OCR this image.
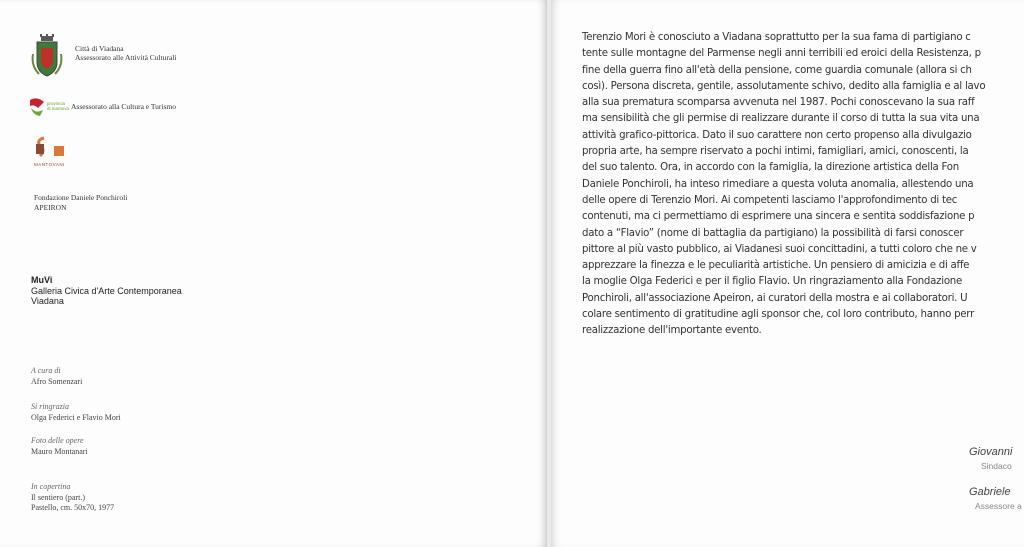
Città di Viadana
Assessorato alle Attività Culturali
provincia di mantova Assessorato alla Cultura e Turismo
MANTOVANI
Fondazione Daniele Ponchiroli
APEIRON
MuVi
Galleria Civica d'Arte Contemporanea
Viadana
A cura di
Afro Somenzari
Si ringrazia
Olga Federici e Flavio Mori
Foto delle opere
Mauro Montanari
In copertina
Il sentiero (part.)
Pastello, cm. 50x70, 1977
Terenzio Mori è conosciuto a Viadana soprattutto per la sua fama di partigiano c
tente sulle montagne del Parmense negli anni terribili ed eroici della Resistenza, p
fine della guerra fino all'età della pensione, come guardia comunale (allora si ch
così). Persona discreta, gentile, assolutamente schivo, dedito alla famiglia e al lavo
alla sua prematura scomparsa avvenuta nel 1987. Pochi conoscevano la sua raff
ma sensibilità che gli permise di realizzare durante il corso di tutta la sua vita una
attività grafico-pittorica. Dato il suo carattere non certo propenso alla divulgazio
propria arte, ha sempre riservato a pochi intimi, famigliari, amici, conoscenti, la
del suo talento. Ora, in accordo con la famiglia, la direzione artistica della Fon
Daniele Ponchiroli, ha inteso rimediare a questa voluta anomalia, allestendo una
delle opere di Terenzio Mori. Ai competenti lasciamo l'approfondimento di tec
contenuti, ma ci permettiamo di esprimere una sincera e sentita soddisfazione p
dato a “Flavio” (nome di battaglia da partigiano) la possibilità di farsi conoscer
pittore al più vasto pubblico, ai Viadanesi suoi concittadini, a tutti coloro che ne v
apprezzare la finezza e le peculiarità artistiche. Un pensiero di amicizia e di affe
la moglie Olga Federici e per il figlio Flavio. Un ringraziamento alla Fondazione
Ponchiroli, all'associazione Apeiron, ai curatori della mostra e ai collaboratori. U
colare sentimento di gratitudine agli sponsor che, col loro contributo, hanno perr
realizzazione dell'importante evento.
Giovanni
Sindaco
Gabriele
Assessore a
